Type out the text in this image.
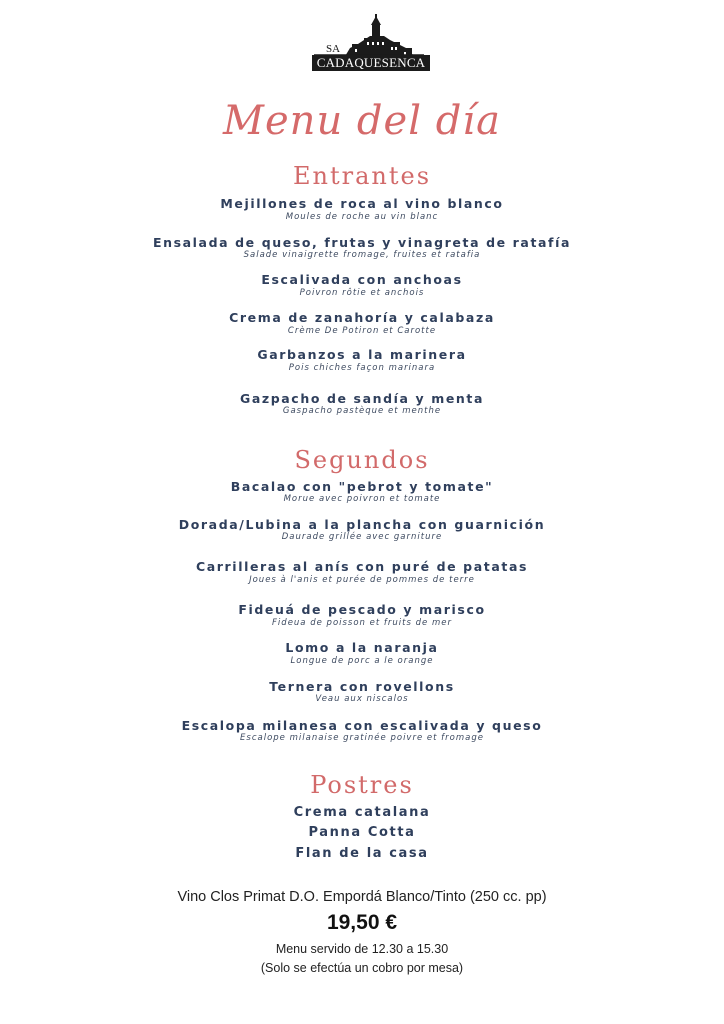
SA
CADAQUESENCA
Menu del día
Entrantes
Mejillones de roca al vino blanco
Moules de roche au vin blanc
Ensalada de queso, frutas y vinagreta de ratafía
Salade vinaigrette fromage, fruites et ratafia
Escalivada con anchoas
Poivron rôtie et anchois
Crema de zanahoría y calabaza
Crème De Potiron et Carotte
Garbanzos a la marinera
Pois chiches façon marinara
Gazpacho de sandía y menta
Gaspacho pastèque et menthe
Segundos
Bacalao con "pebrot y tomate"
Morue avec poivron et tomate
Dorada/Lubina a la plancha con guarnición
Daurade grillée avec garniture
Carrilleras al anís con puré de patatas
Joues à l'anis et purée de pommes de terre
Fideuá de pescado y marisco
Fideua de poisson et fruits de mer
Lomo a la naranja
Longue de porc a le orange
Ternera con rovellons
Veau aux niscalos
Escalopa milanesa con escalivada y queso
Escalope milanaise gratinée poivre et fromage
Postres
Crema catalana
Panna Cotta
Flan de la casa
Vino Clos Primat D.O. Empordá Blanco/Tinto (250 cc. pp)
19,50 €
Menu servido de 12.30 a 15.30
(Solo se efectúa un cobro por mesa)
